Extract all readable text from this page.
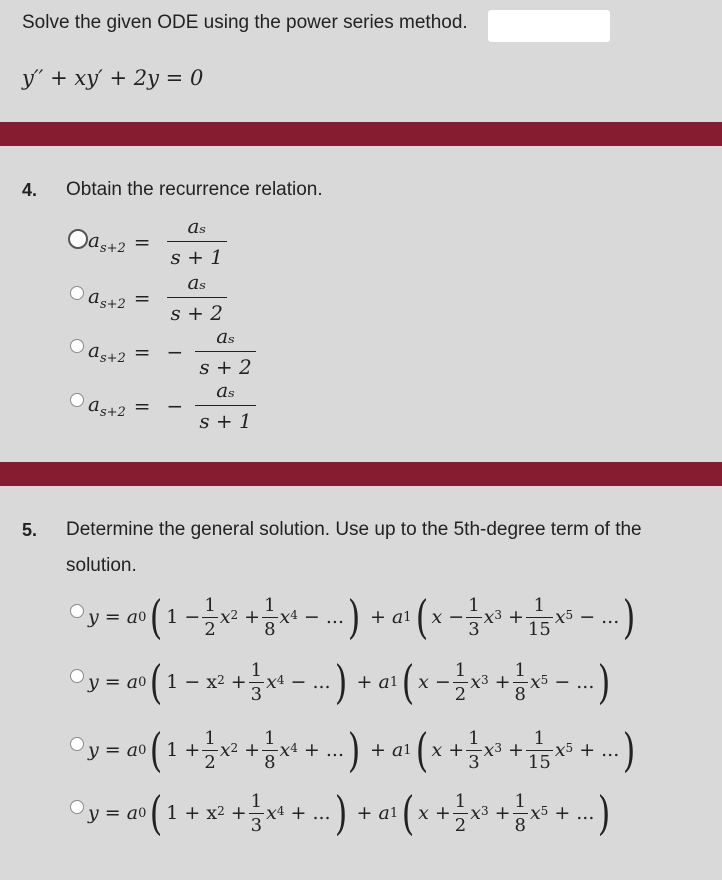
Solve the given ODE using the power series method.
y′′ + xy′ + 2y = 0
4. Obtain the recurrence relation.
$a_{s+2} = \frac{\text{aₛ}}{s + 1}$
$a_{s+2} = \frac{\text{aₛ}}{s + 2}$
$a_{s+2}$ = − $\frac{\text{aₛ}}{s + 2}$
$a_{s+2}$ = − $\frac{\text{aₛ}}{s + 1}$
5. Determine the general solution. Use up to the 5th-degree term of the solution.
y = a 0 ( $1 - \frac{1}{2} x^2 + \frac{1}{8} x^4$ − ... ) + a 1 ( $x - \frac{1}{3} x^3 + \frac{1}{15} x^5$ − ... )
y = a 0 ( $1 - x^2 + \frac{1}{3} x^4$ − ... ) + a 1 ( $x - \frac{1}{2} x^3 + \frac{1}{8} x^5$ − ... )
y = a 0 ( $1 + \frac{1}{2} x^2 + \frac{1}{8} x^4$ + ... ) + a 1 ( $x + \frac{1}{3} x^3 + \frac{1}{15} x^5$ + ... )
y = a 0 ( $1 + x^2 + \frac{1}{3} x^4$ + ... ) + a 1 ( $x + \frac{1}{2} x^3 + \frac{1}{8} x^5$ + ... )
